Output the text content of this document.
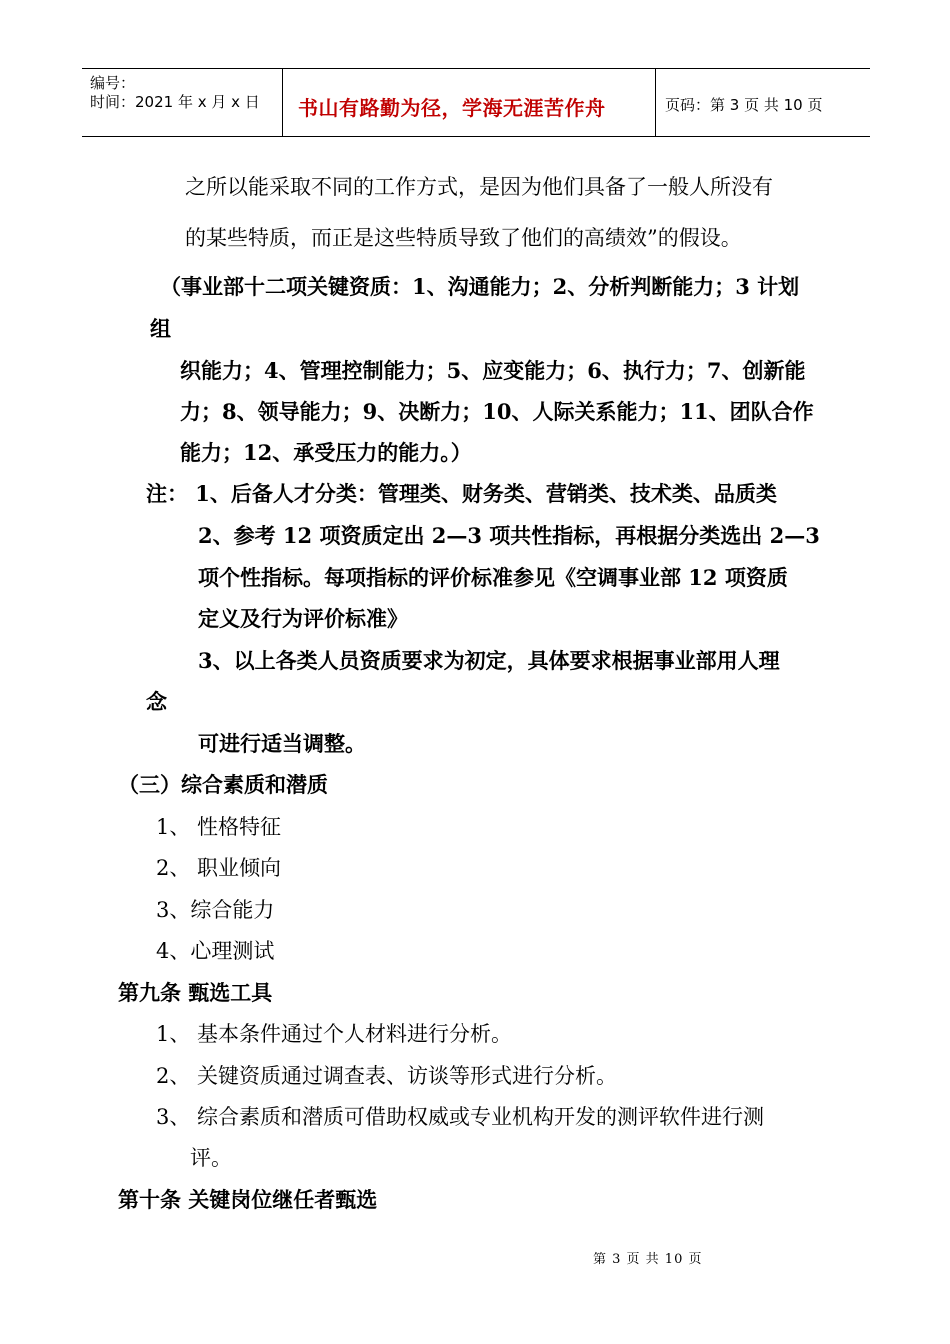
编号：
时间：2021 年 x 月 x 日 书山有路勤为径，学海无涯苦作舟	页码：第 3 页 共 10 页
之所以能采取不同的工作方式，是因为他们具备了一般人所没有
的某些特质，而正是这些特质导致了他们的高绩效”的假设。
（事业部十二项关键资质：1、沟通能力；2、分析判断能力；3 计划
组
织能力；4、管理控制能力；5、应变能力；6、执行力；7、创新能
力；8、领导能力；9、决断力；10、人际关系能力；11、团队合作
能力；12、承受压力的能力。）
注： 1、后备人才分类：管理类、财务类、营销类、技术类、品质类
2、参考 12 项资质定出 2—3 项共性指标，再根据分类选出 2—3
项个性指标。每项指标的评价标准参见《空调事业部 12 项资质
定义及行为评价标准》
3、以上各类人员资质要求为初定，具体要求根据事业部用人理
念
可进行适当调整。
（三）综合素质和潜质
1、 性格特征
2、 职业倾向
3、综合能力
4、心理测试
第九条 甄选工具
1、 基本条件通过个人材料进行分析。
2、 关键资质通过调查表、访谈等形式进行分析。
3、 综合素质和潜质可借助权威或专业机构开发的测评软件进行测
评。
第十条 关键岗位继任者甄选
第 3 页 共 10 页
